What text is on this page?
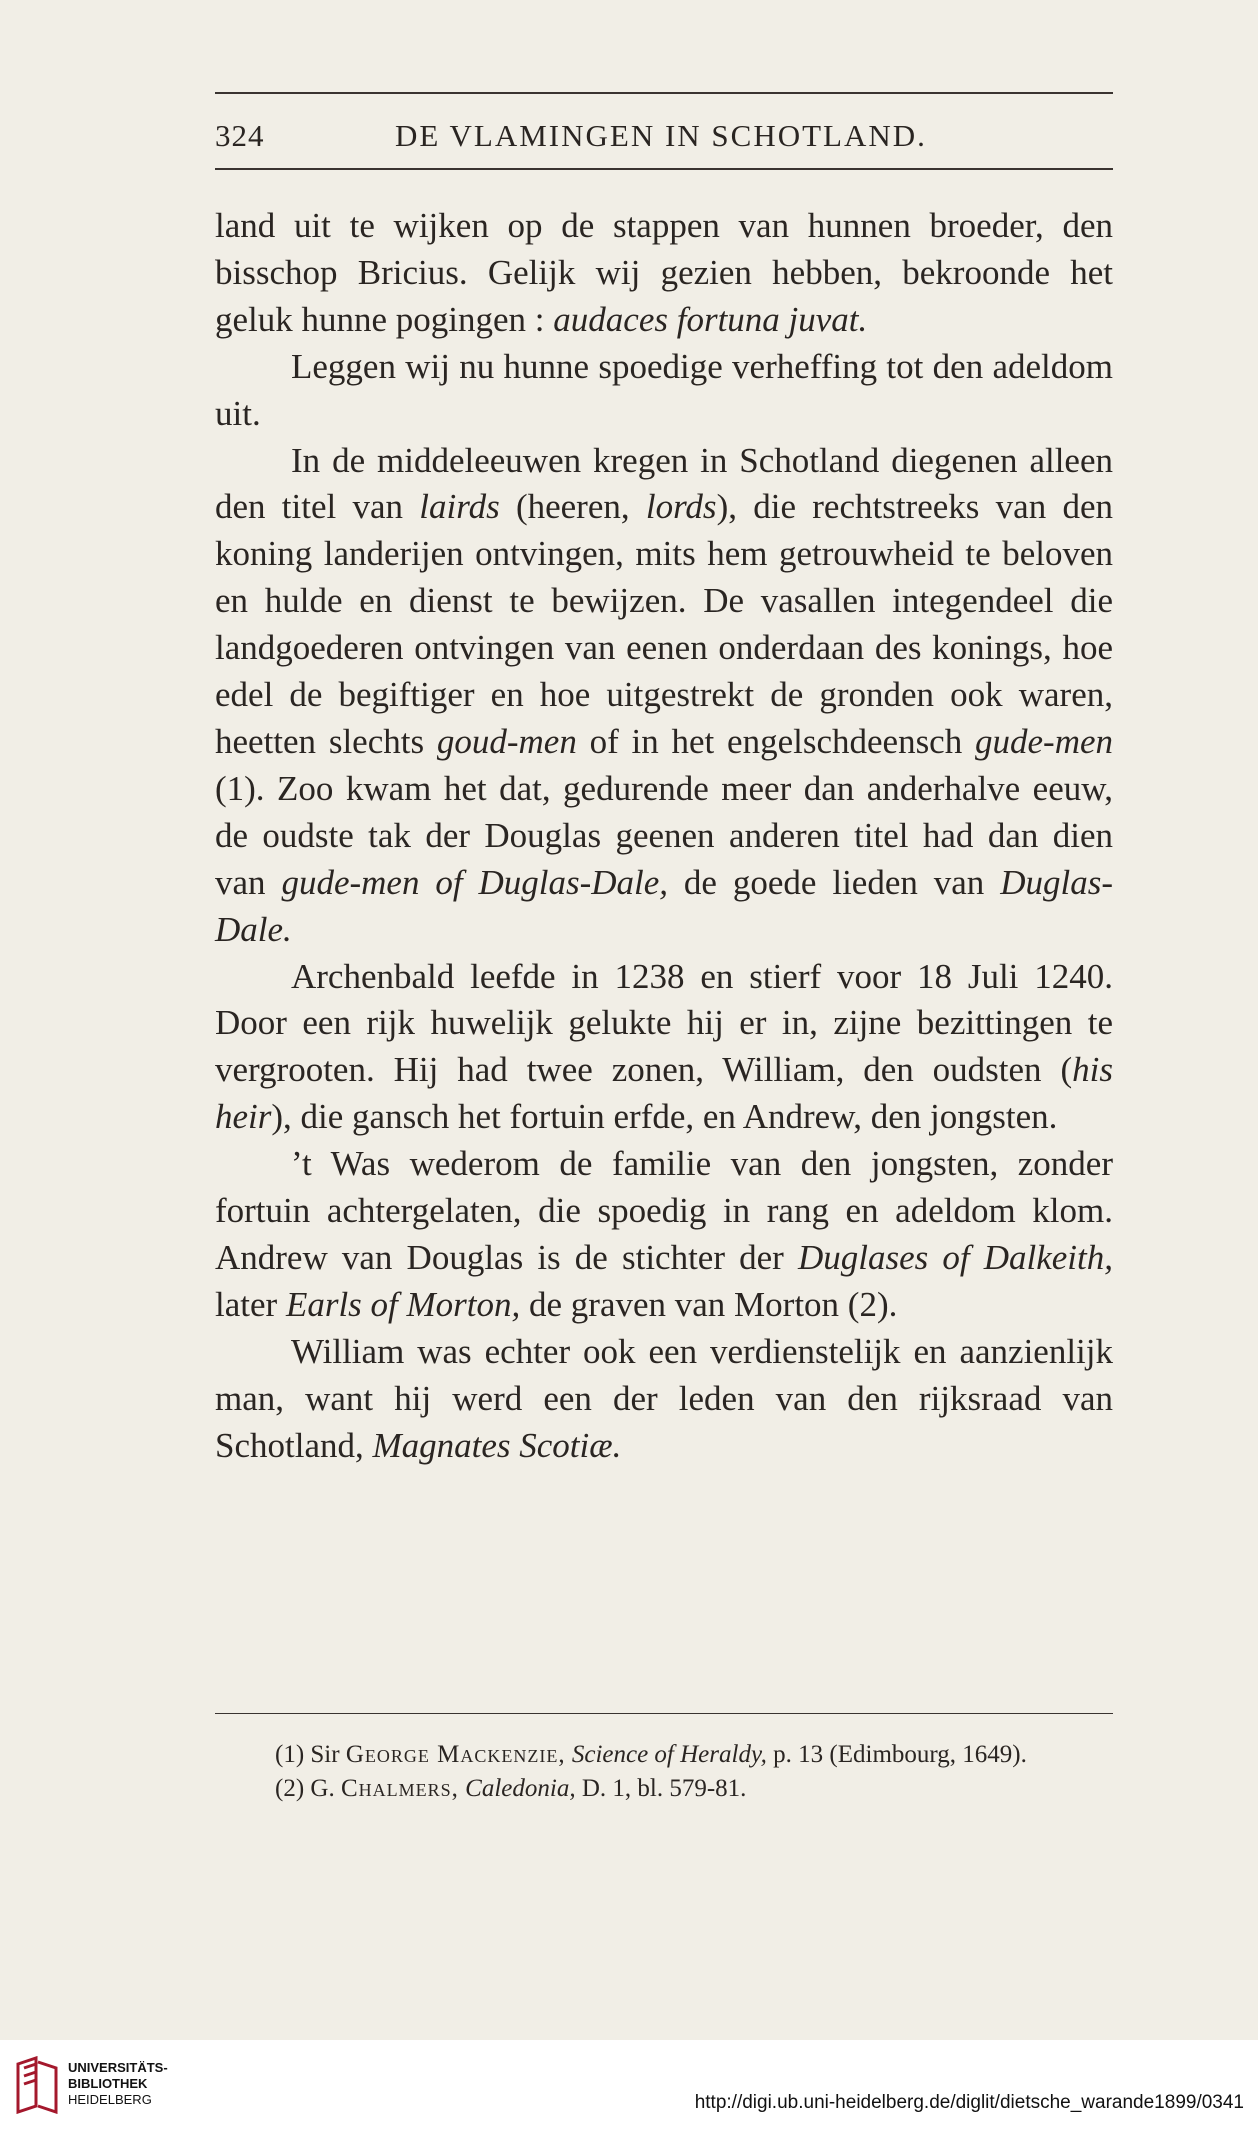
324	DE VLAMINGEN IN SCHOTLAND.

land uit te wijken op de stappen van hunnen broeder, den bisschop Bricius. Gelijk wij gezien hebben, bekroonde het geluk hunne pogingen : audaces fortuna juvat.

Leggen wij nu hunne spoedige verheffing tot den adeldom uit.

In de middeleeuwen kregen in Schotland diegenen alleen den titel van lairds (heeren, lords), die rechtstreeks van den koning landerijen ontvingen, mits hem getrouwheid te beloven en hulde en dienst te bewijzen. De vasallen integendeel die landgoederen ontvingen van eenen onderdaan des konings, hoe edel de begiftiger en hoe uitgestrekt de gronden ook waren, heetten slechts goud-men of in het engelschdeensch gude-men (1). Zoo kwam het dat, gedurende meer dan anderhalve eeuw, de oudste tak der Douglas geenen anderen titel had dan dien van gude-men of Duglas-Dale, de goede lieden van Duglas-Dale.

Archenbald leefde in 1238 en stierf voor 18 Juli 1240. Door een rijk huwelijk gelukte hij er in, zijne bezittingen te vergrooten. Hij had twee zonen, William, den oudsten (his heir), die gansch het fortuin erfde, en Andrew, den jongsten.

’t Was wederom de familie van den jongsten, zonder fortuin achtergelaten, die spoedig in rang en adeldom klom. Andrew van Douglas is de stichter der Duglases of Dalkeith, later Earls of Morton, de graven van Morton (2).

William was echter ook een verdienstelijk en aanzienlijk man, want hij werd een der leden van den rijksraad van Schotland, Magnates Scotiæ.

(1) Sir George Mackenzie, Science of Heraldy, p. 13 (Edimbourg, 1649).

(2) G. Chalmers, Caledonia, D. 1, bl. 579-81.

UNIVERSITÄTS-
BIBLIOTHEK
HEIDELBERG	http://digi.ub.uni-heidelberg.de/diglit/dietsche_warande1899/0341
